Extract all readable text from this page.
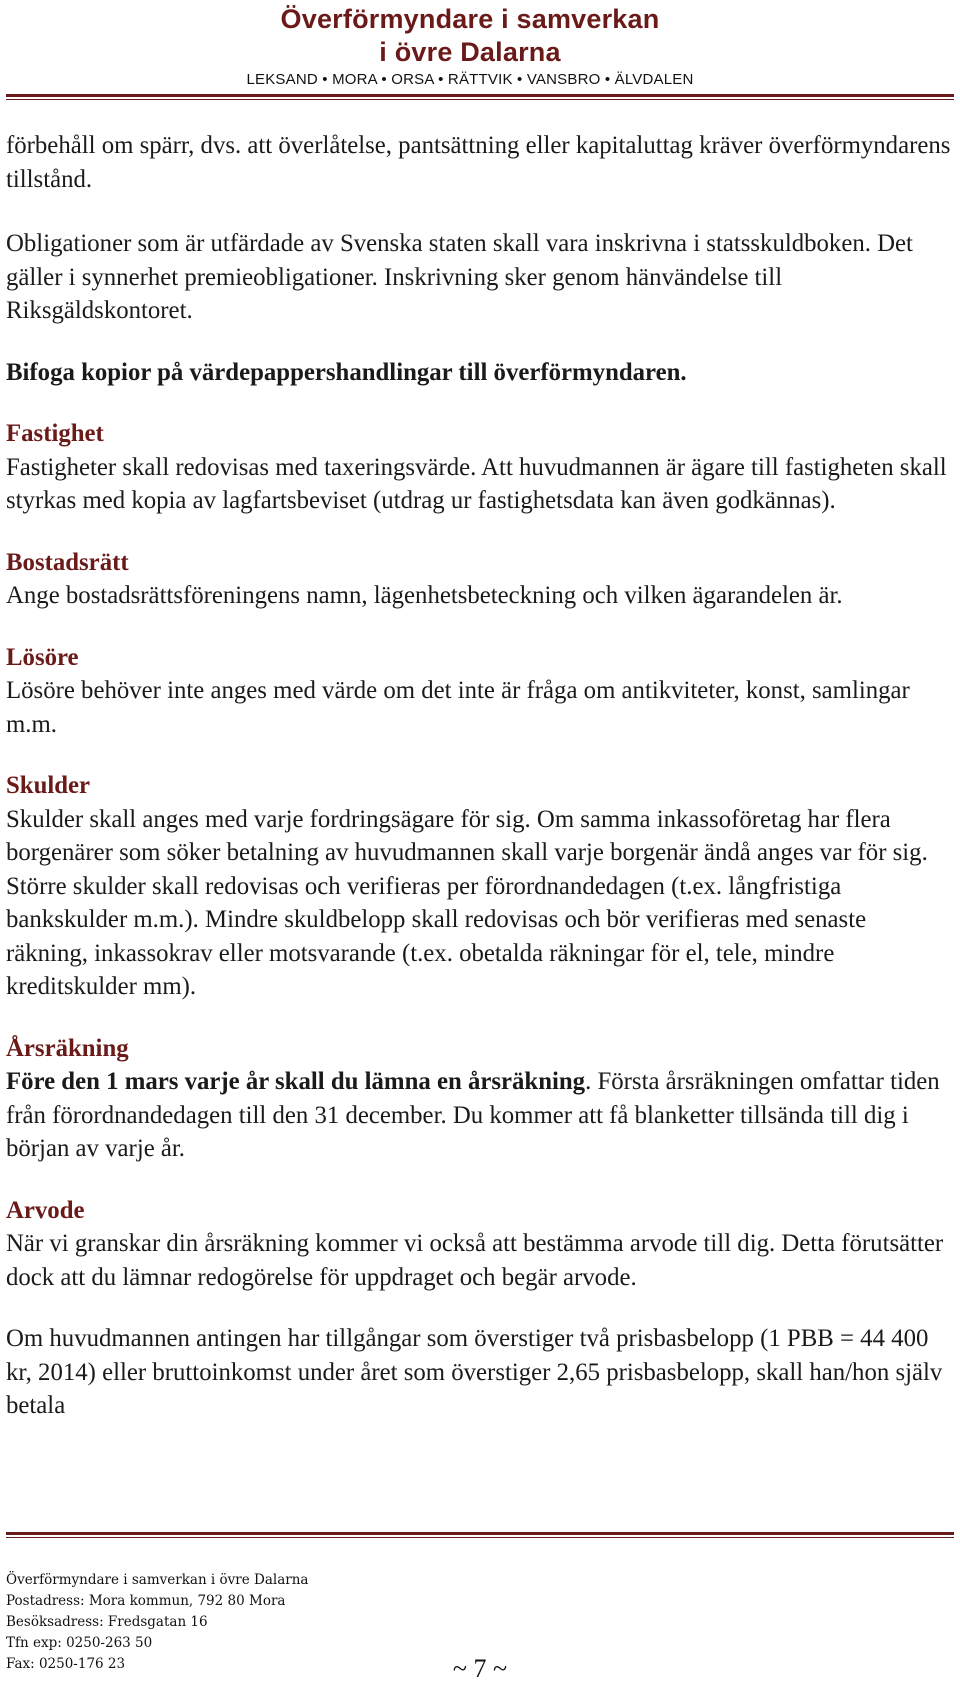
Överförmyndare i samverkan
i övre Dalarna
LEKSAND • MORA • ORSA • RÄTTVIK • VANSBRO • ÄLVDALEN

förbehåll om spärr, dvs. att överlåtelse, pantsättning eller kapitaluttag kräver överförmyndarens tillstånd.

Obligationer som är utfärdade av Svenska staten skall vara inskrivna i statsskuldboken. Det gäller i synnerhet premieobligationer. Inskrivning sker genom hänvändelse till Riksgäldskontoret.

Bifoga kopior på värdepappershandlingar till överförmyndaren.

Fastighet

Fastigheter skall redovisas med taxeringsvärde. Att huvudmannen är ägare till fastigheten skall styrkas med kopia av lagfartsbeviset (utdrag ur fastighetsdata kan även godkännas).

Bostadsrätt

Ange bostadsrättsföreningens namn, lägenhetsbeteckning och vilken ägarandelen är.

Lösöre

Lösöre behöver inte anges med värde om det inte är fråga om antikviteter, konst, samlingar m.m.

Skulder

Skulder skall anges med varje fordringsägare för sig. Om samma inkassoföretag har flera borgenärer som söker betalning av huvudmannen skall varje borgenär ändå anges var för sig. Större skulder skall redovisas och verifieras per förordnandedagen (t.ex. långfristiga bankskulder m.m.). Mindre skuldbelopp skall redovisas och bör verifieras med senaste räkning, inkassokrav eller motsvarande (t.ex. obetalda räkningar för el, tele, mindre kreditskulder mm).

Årsräkning

Före den 1 mars varje år skall du lämna en årsräkning. Första årsräkningen omfattar tiden från förordnandedagen till den 31 december. Du kommer att få blanketter tillsända till dig i början av varje år.

Arvode

När vi granskar din årsräkning kommer vi också att bestämma arvode till dig. Detta förutsätter dock att du lämnar redogörelse för uppdraget och begär arvode.

Om huvudmannen antingen har tillgångar som överstiger två prisbasbelopp (1 PBB = 44 400 kr, 2014) eller bruttoinkomst under året som överstiger 2,65 prisbasbelopp, skall han/hon själv betala

Överförmyndare i samverkan i övre Dalarna
Postadress: Mora kommun, 792 80 Mora
Besöksadress: Fredsgatan 16
Tfn exp: 0250-263 50
Fax: 0250-176 23	~ 7 ~
